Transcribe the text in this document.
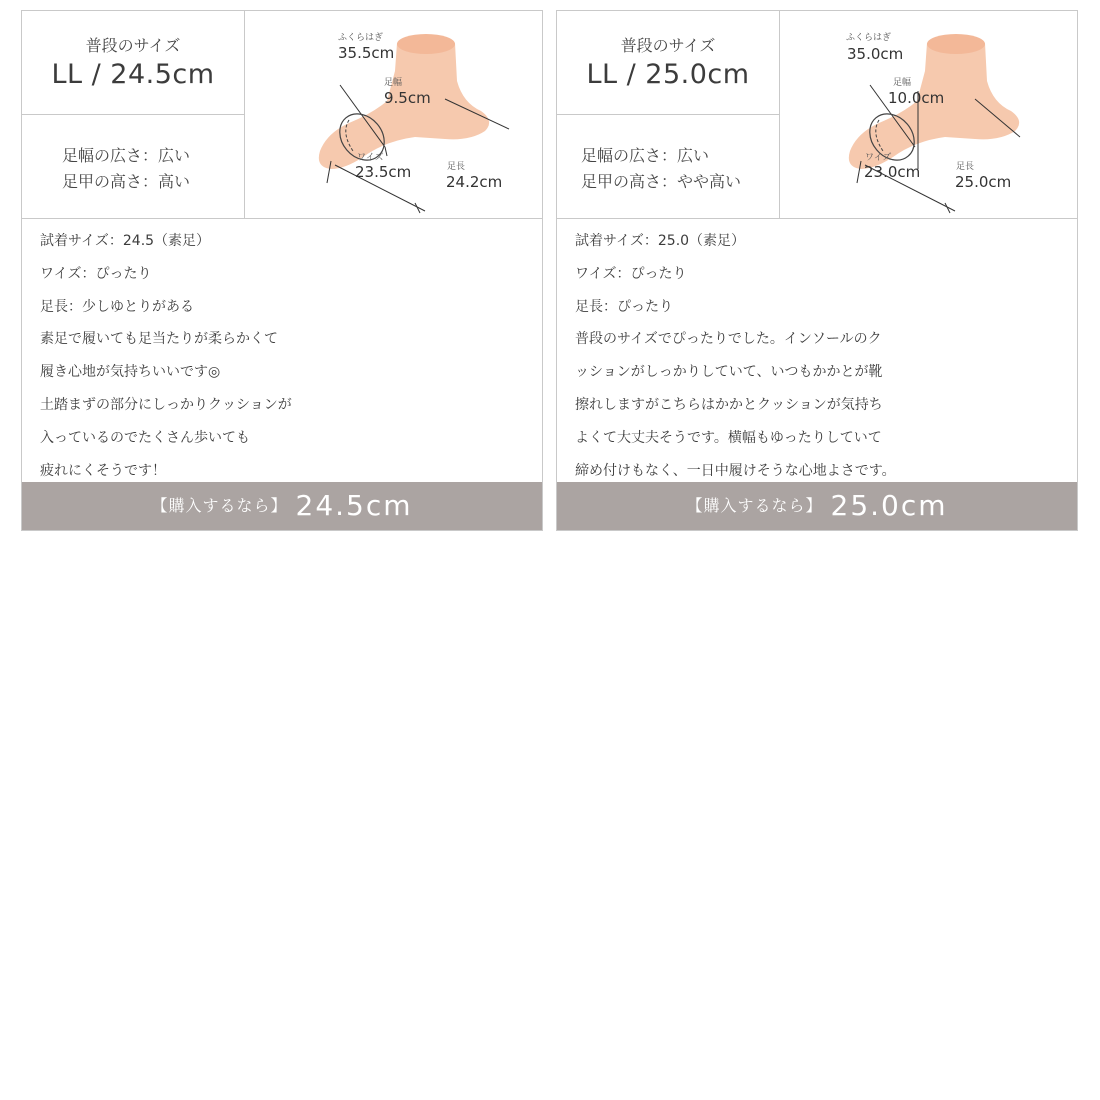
普段のサイズ
LL / 24.5cm
足幅の広さ：広い
足甲の高さ：高い
ふくらはぎ
35.5cm
足幅
9.5cm
ワイズ
23.5cm	足長
24.2cm
試着サイズ：24.5（素足）
ワイズ：ぴったり
足長：少しゆとりがある
素足で履いても足当たりが柔らかくて
履き心地が気持ちいいです◎
土踏まずの部分にしっかりクッションが
入っているのでたくさん歩いても
疲れにくそうです！
【購入するなら】 24.5cm
普段のサイズ
LL / 25.0cm
足幅の広さ：広い
足甲の高さ：やや高い
ふくらはぎ
35.0cm
足幅
10.0cm
ワイズ
23.0cm	足長
25.0cm
試着サイズ：25.0（素足）
ワイズ：ぴったり
足長：ぴったり
普段のサイズでぴったりでした。インソールのク
ッションがしっかりしていて、いつもかかとが靴
擦れしますがこちらはかかとクッションが気持ち
よくて大丈夫そうです。横幅もゆったりしていて
締め付けもなく、一日中履けそうな心地よさです。
【購入するなら】 25.0cm
